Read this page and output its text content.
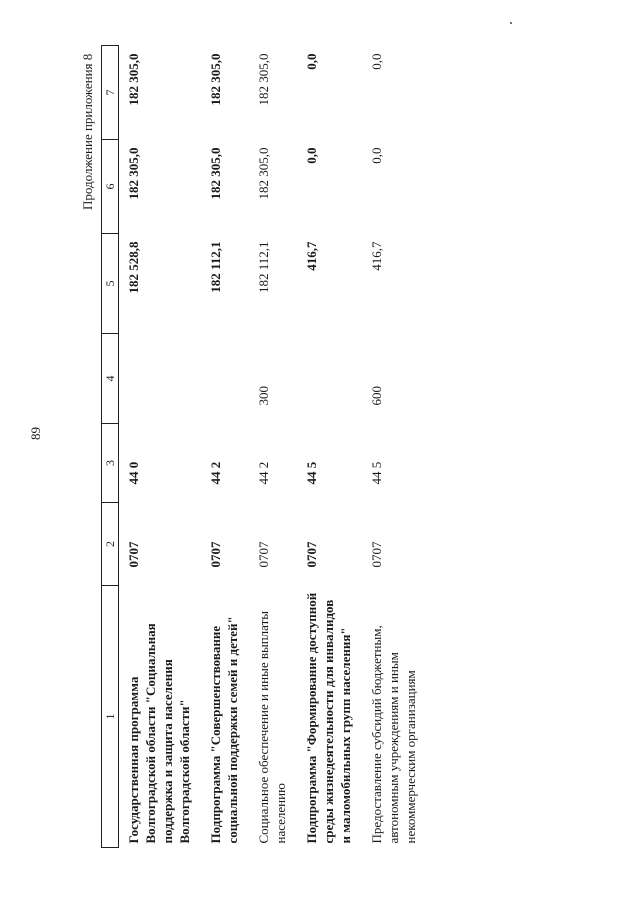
89
Продолжение приложения 8
1	2	3	4	5	6	7
Государственная программа Волгоградской области "Социальная поддержка и защита населения Волгоградской области"	0707	44 0		182 528,8	182 305,0	182 305,0
Подпрограмма "Совершенствование социальной поддержки семей и детей"	0707	44 2		182 112,1	182 305,0	182 305,0
Социальное обеспечение и иные выплаты населению	0707	44 2	300	182 112,1	182 305,0	182 305,0
Подпрограмма "Формирование доступной среды жизнедеятельности для инвалидов и маломобильных групп населения"	0707	44 5		416,7	0,0	0,0
Предоставление субсидий бюджетным, автономным учреждениям и иным некоммерческим организациям	0707	44 5	600	416,7	0,0	0,0
